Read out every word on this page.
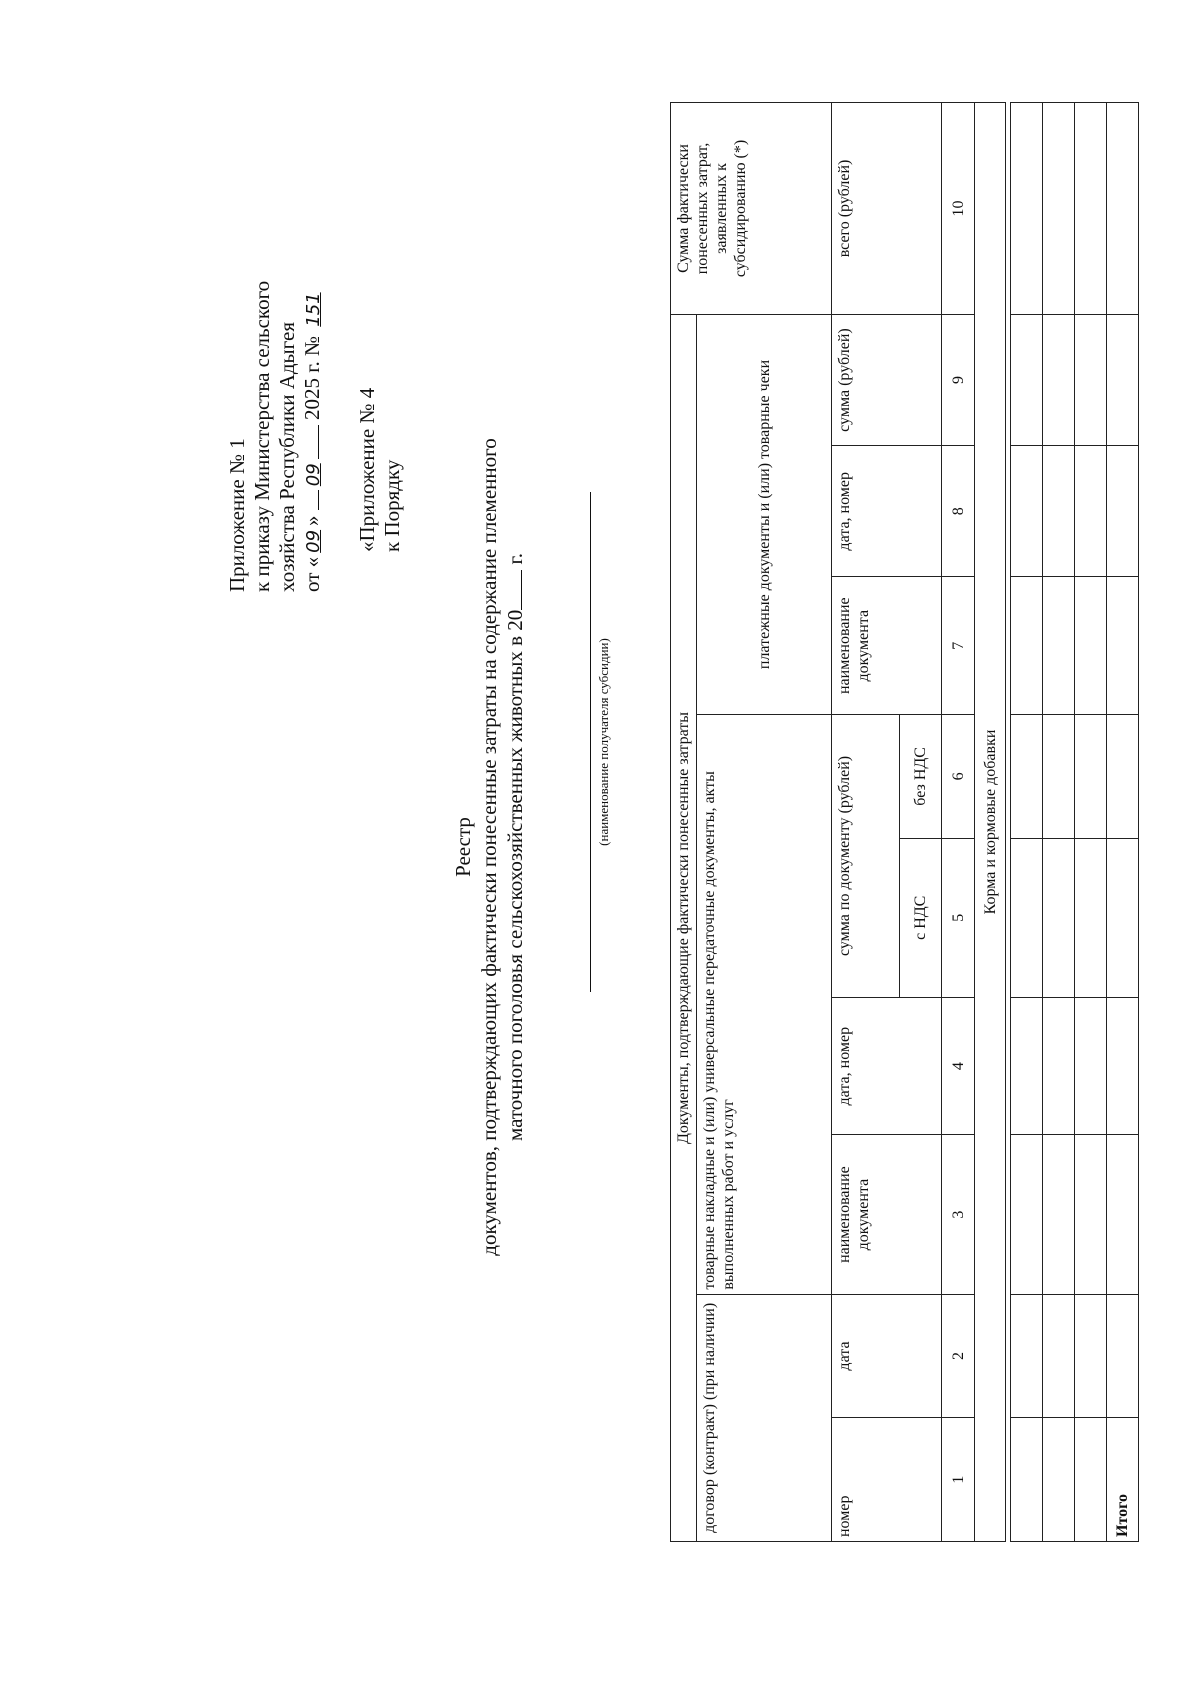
Приложение № 1 к приказу Министерства сельского хозяйства Республики Адыгея от «09» 09 2025 г. № 151
«Приложение № 4 к Порядку
Реестр документов, подтверждающих фактически понесенные затраты на содержание племенного маточного поголовья сельскохозяйственных животных в 20 г.
(наименование получателя субсидии)	Документы, подтверждающие фактически понесенные затраты									Сумма фактически понесенных затрат, заявленных к субсидированию (*)
договор (контракт) (при наличии)		товарные накладные и (или) универсальные передаточные документы, акты выполненных работ и услуг				платежные документы и (или) товарные чеки			
номер	дата	наименование документа	дата, номер	сумма по документу (рублей)		наименование документа	дата, номер	сумма (рублей)	всего (рублей)
				с НДС	без НДС				
1	2	3	4	5	6	7	8	9	10
Корма и кормовые добавки									

Итого									
